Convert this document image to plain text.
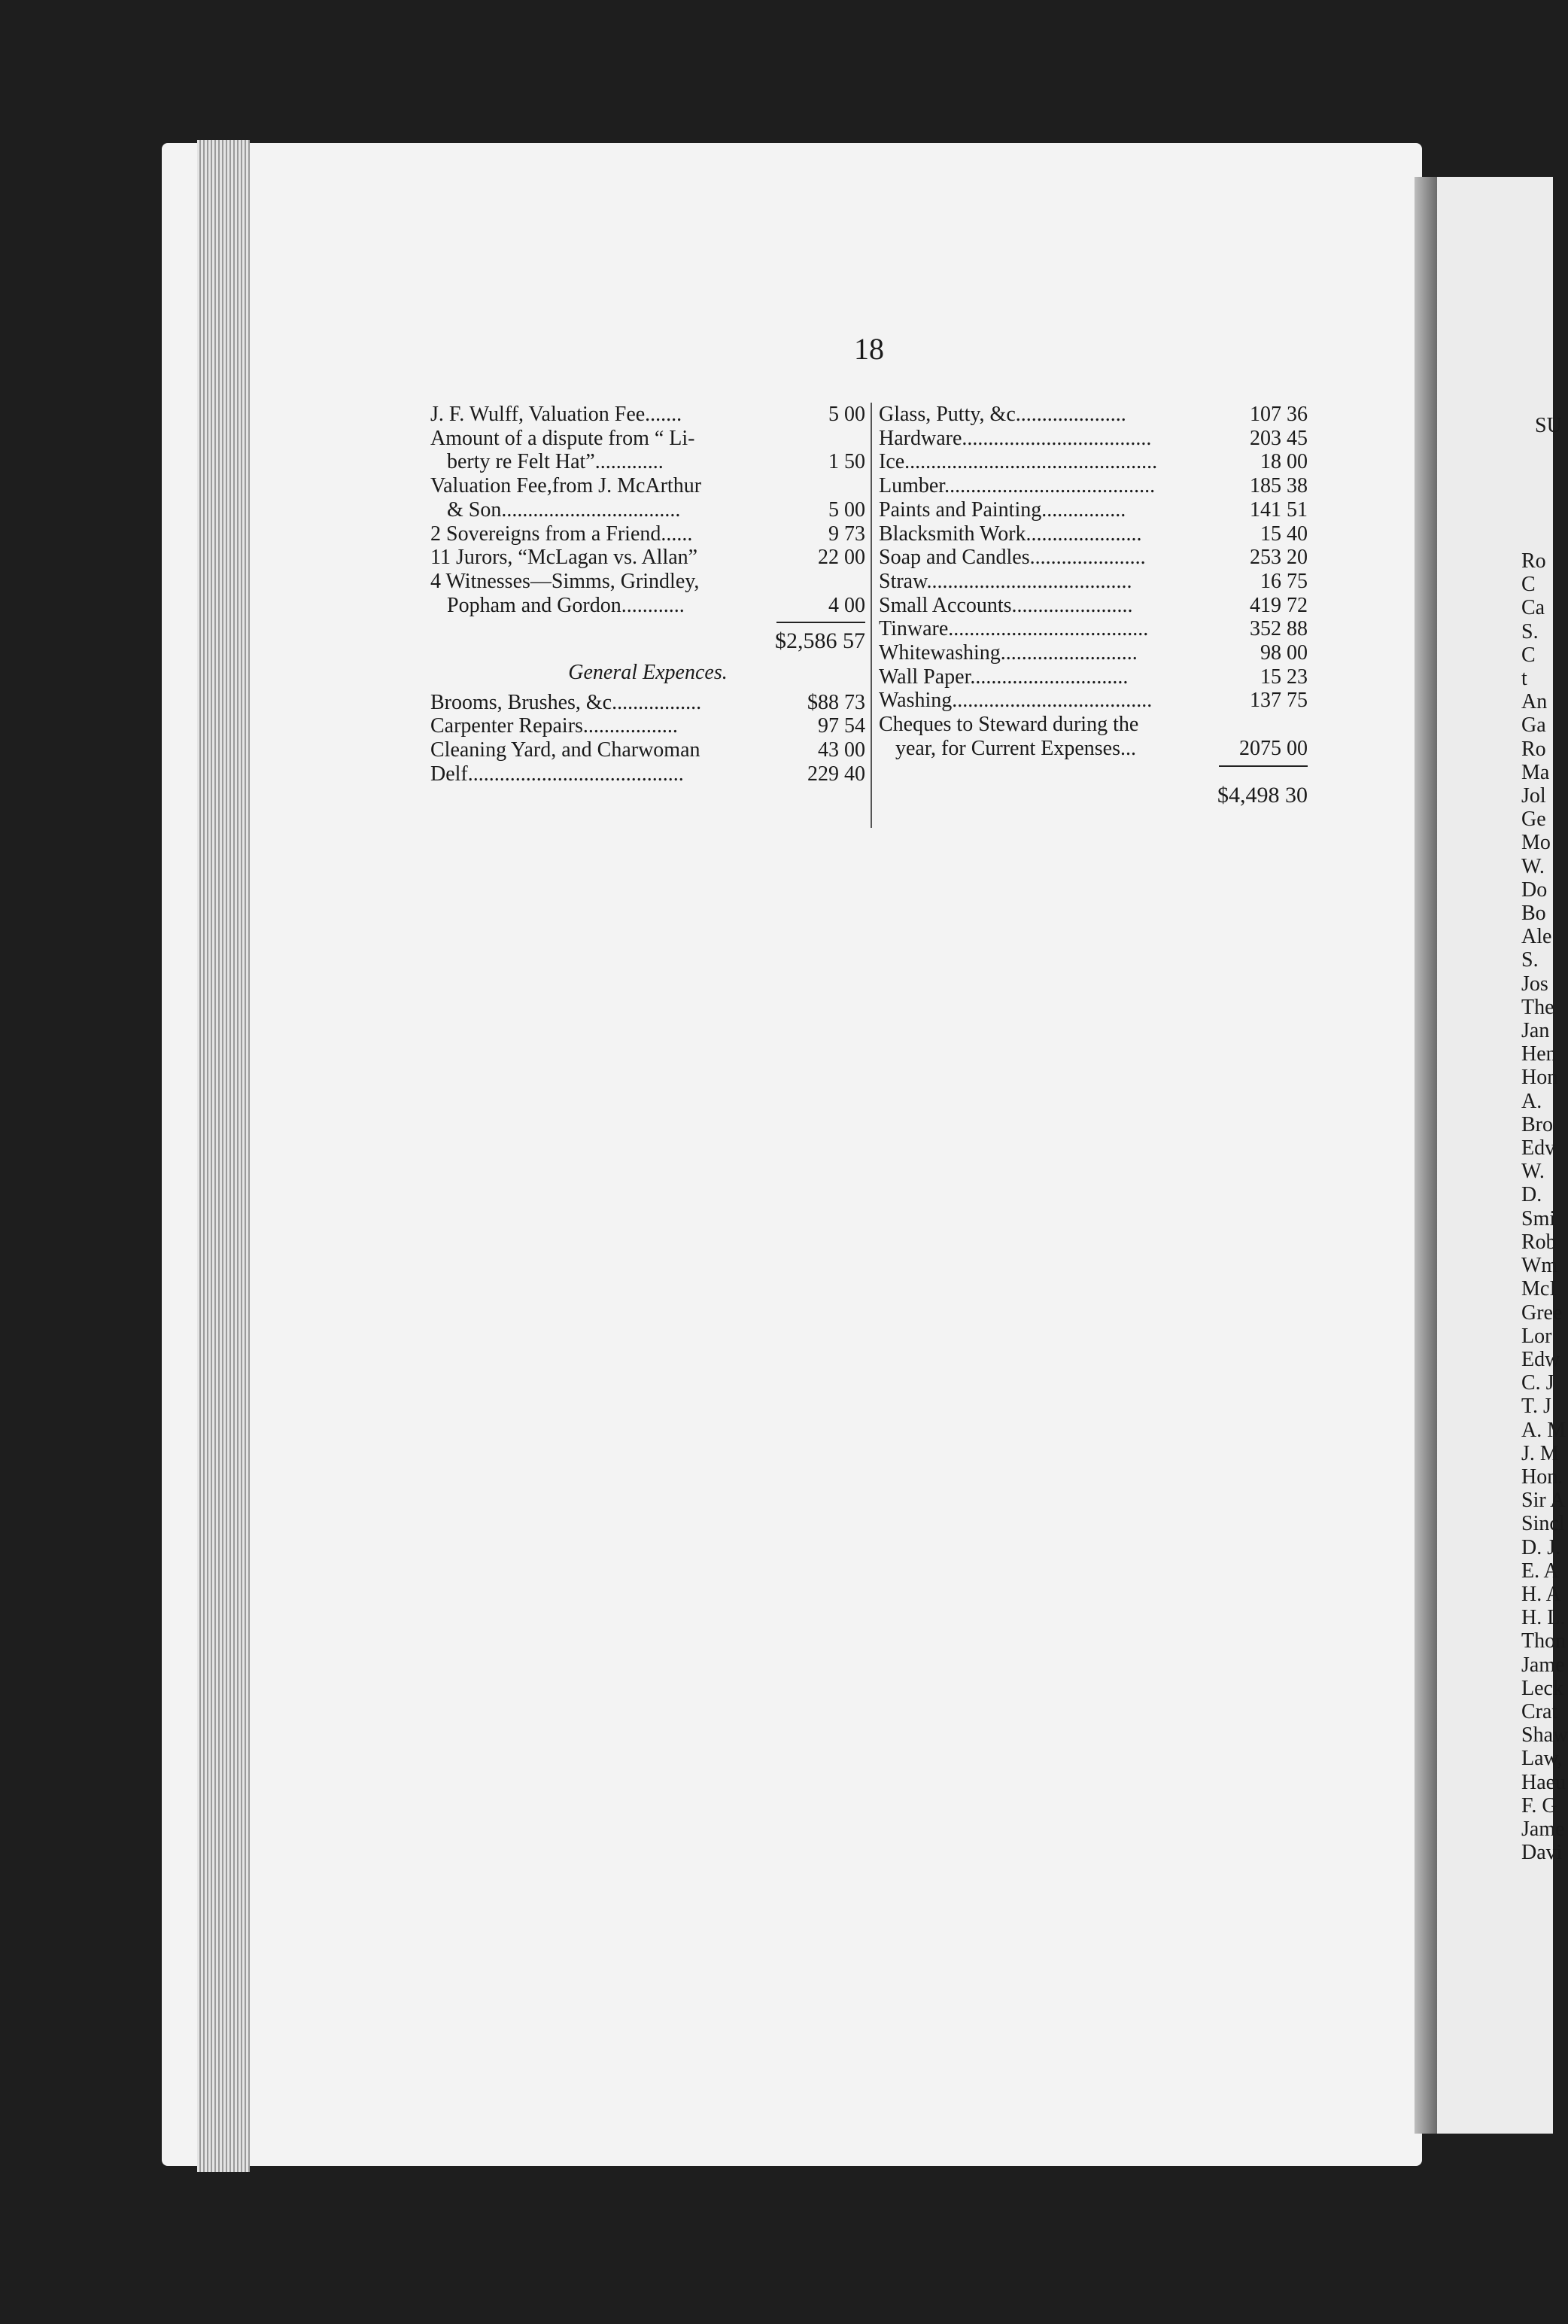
18
J. F. Wulff, Valuation Fee.......	5 00
Amount of a dispute from “ Li-
berty re Felt Hat”.............	1 50
Valuation Fee,from J. McArthur
& Son..................................	5 00
2 Sovereigns from a Friend......	9 73
11 Jurors, “McLagan vs. Allan”	22 00
4 Witnesses—Simms, Grindley,
Popham and Gordon............	4 00
$2,586 57
General Expences.
Brooms, Brushes, &c.................	$88 73
Carpenter Repairs..................	97 54
Cleaning Yard, and Charwoman	43 00
Delf.........................................	229 40
Glass, Putty, &c.....................	107 36
Hardware....................................	203 45
Ice................................................	18 00
Lumber........................................	185 38
Paints and Painting................	141 51
Blacksmith Work......................	15 40
Soap and Candles......................	253 20
Straw.......................................	16 75
Small Accounts.......................	419 72
Tinware......................................	352 88
Whitewashing..........................	98 00
Wall Paper..............................	15 23
Washing......................................	137 75
Cheques to Steward during the
year, for Current Expenses...	2075 00
$4,498 30
SU
Ro
C
Ca
S.
C
t
An
Ga
Ro
Ma
Jol
Ge
Mo
W.
Do
Bo
Ale
S.
Jos
The
Jan
Hen
Hon
A.
Bro
Edv
W.
D.
Smi
Rob
Wm
McI
Gree
Lor
Edw
C. J
T. J
A. M
J. M
Hon.
Sir A
Sincl
D. J.
E. A
H. A
H. L.
Thon
Jame
Leck
Crat
Shaw
Law,
Haeu
F. G
Jame
Davi
